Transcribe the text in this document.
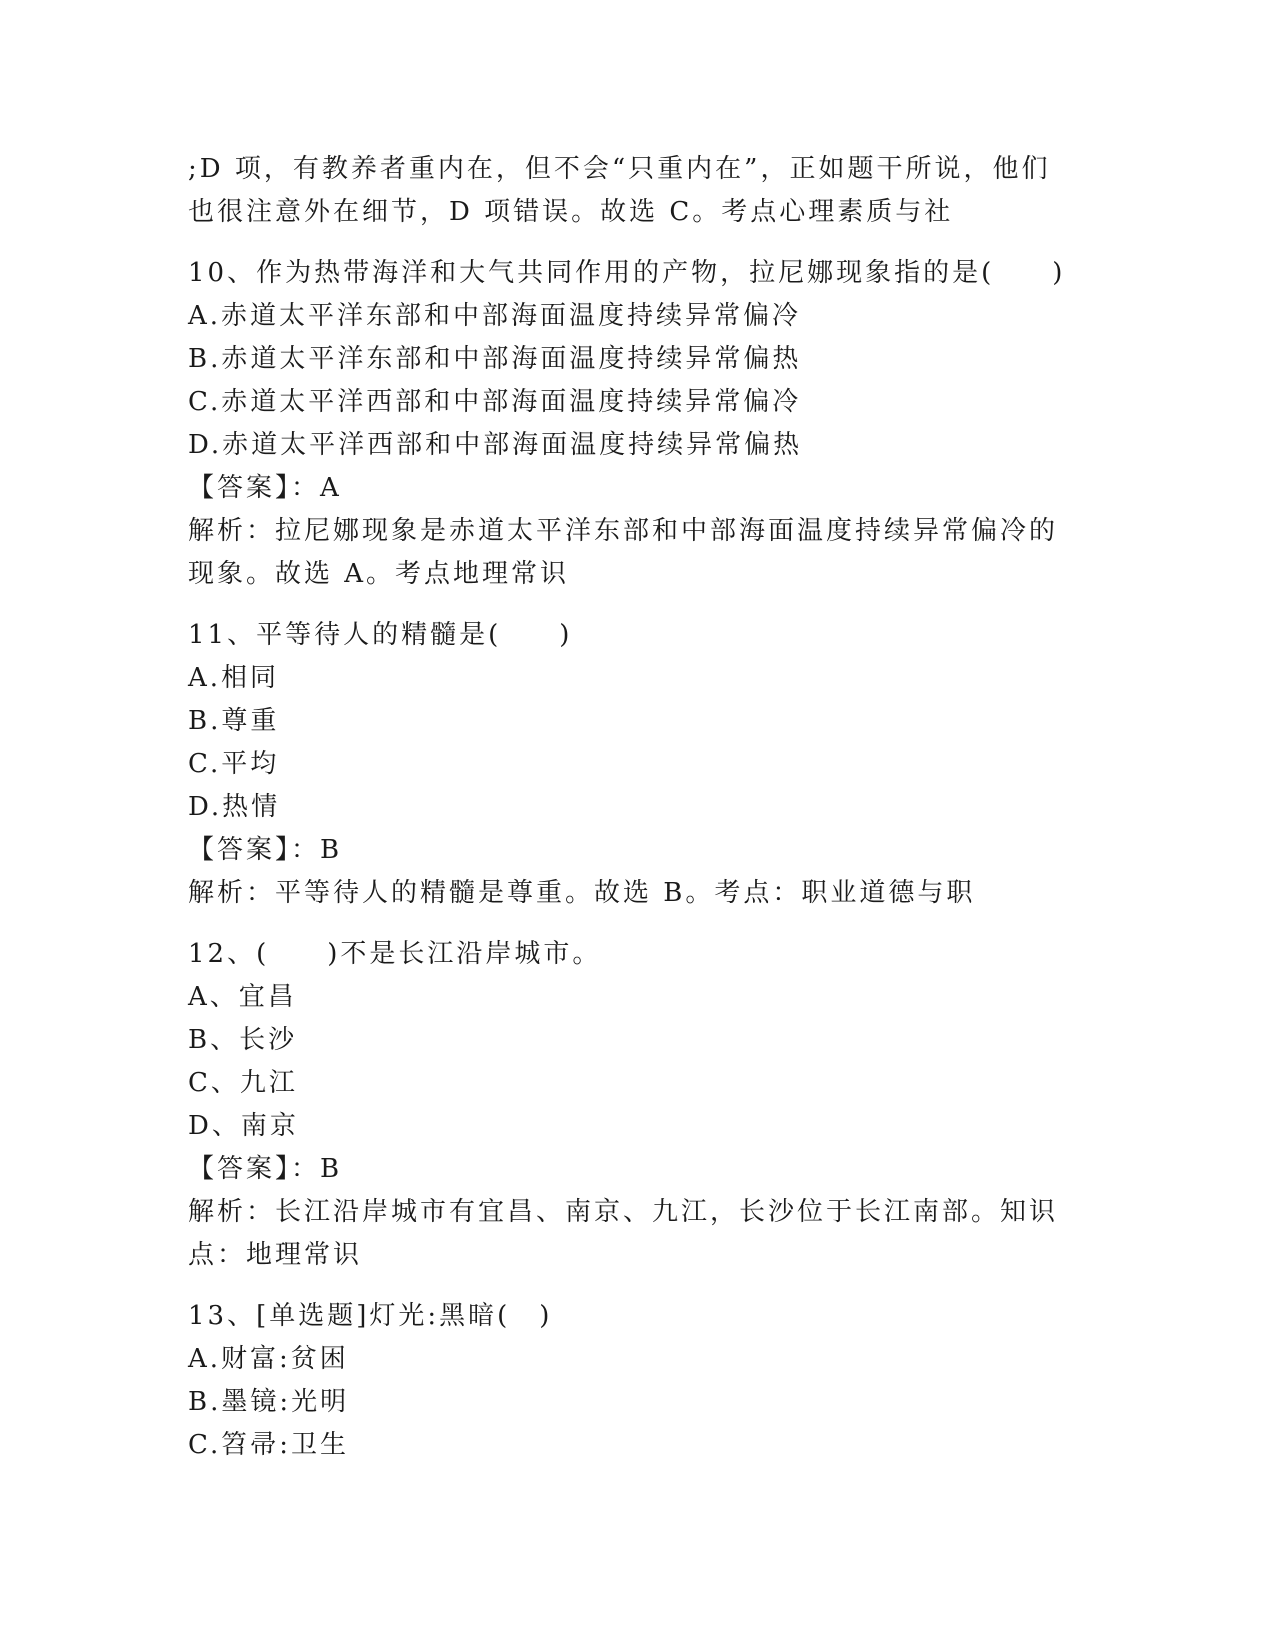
;D 项，有教养者重内在，但不会“只重内在”，正如题干所说，他们
也很注意外在细节，D 项错误。故选 C。考点心理素质与社
10、作为热带海洋和大气共同作用的产物，拉尼娜现象指的是(　　)
A.赤道太平洋东部和中部海面温度持续异常偏冷
B.赤道太平洋东部和中部海面温度持续异常偏热
C.赤道太平洋西部和中部海面温度持续异常偏冷
D.赤道太平洋西部和中部海面温度持续异常偏热
【答案】：A
解析：拉尼娜现象是赤道太平洋东部和中部海面温度持续异常偏冷的
现象。故选 A。考点地理常识
11、平等待人的精髓是(　　)
A.相同
B.尊重
C.平均
D.热情
【答案】：B
解析：平等待人的精髓是尊重。故选 B。考点：职业道德与职
12、(　　)不是长江沿岸城市。
A、宜昌
B、长沙
C、九江
D、南京
【答案】：B
解析：长江沿岸城市有宜昌、南京、九江，长沙位于长江南部。知识
点：地理常识
13、[单选题]灯光:黑暗(　)
A.财富:贫困
B.墨镜:光明
C.笤帚:卫生
